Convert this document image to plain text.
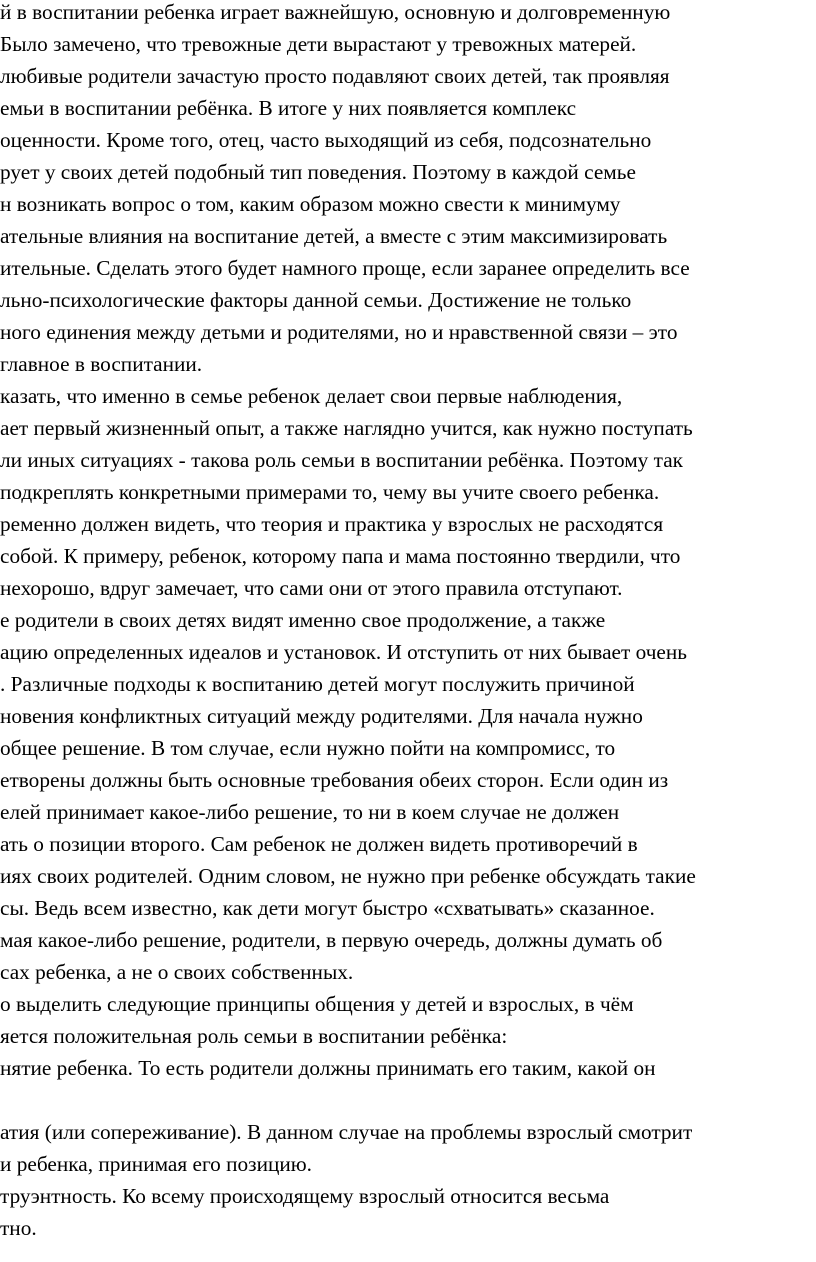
й в воспитании ребенка играет важнейшую, основную и долговременную
Было замечено, что тревожные дети вырастают у тревожных матерей.
любивые родители зачастую просто подавляют своих детей, так проявляя
емьи в воспитании ребёнка. В итоге у них появляется комплекс
оценности. Кроме того, отец, часто выходящий из себя, подсознательно
рует у своих детей подобный тип поведения. Поэтому в каждой семье
н возникать вопрос о том, каким образом можно свести к минимуму
ательные влияния на воспитание детей, а вместе с этим максимизировать
ительные. Сделать этого будет намного проще, если заранее определить все
льно-психологические факторы данной семьи. Достижение не только
ного единения между детьми и родителями, но и нравственной связи – это
главное в воспитании.
казать, что именно в семье ребенок делает свои первые наблюдения,
ает первый жизненный опыт, а также наглядно учится, как нужно поступать
ли иных ситуациях - такова роль семьи в воспитании ребёнка. Поэтому так
подкреплять конкретными примерами то, чему вы учите своего ребенка.
ременно должен видеть, что теория и практика у взрослых не расходятся
собой. К примеру, ребенок, которому папа и мама постоянно твердили, что
нехорошо, вдруг замечает, что сами они от этого правила отступают.
е родители в своих детях видят именно свое продолжение, а также
ацию определенных идеалов и установок. И отступить от них бывает очень
. Различные подходы к воспитанию детей могут послужить причиной
новения конфликтных ситуаций между родителями. Для начала нужно
общее решение. В том случае, если нужно пойти на компромисс, то
етворены должны быть основные требования обеих сторон. Если один из
елей принимает какое-либо решение, то ни в коем случае не должен
ать о позиции второго. Сам ребенок не должен видеть противоречий в
иях своих родителей. Одним словом, не нужно при ребенке обсуждать такие
сы. Ведь всем известно, как дети могут быстро «схватывать» сказанное.
мая какое-либо решение, родители, в первую очередь, должны думать об
сах ребенка, а не о своих собственных.
о выделить следующие принципы общения у детей и взрослых, в чём
яется положительная роль семьи в воспитании ребёнка:
нятие ребенка. То есть родители должны принимать его таким, какой он
атия (или сопереживание). В данном случае на проблемы взрослый смотрит
и ребенка, принимая его позицию.
труэнтность. Ко всему происходящему взрослый относится весьма
тно.
